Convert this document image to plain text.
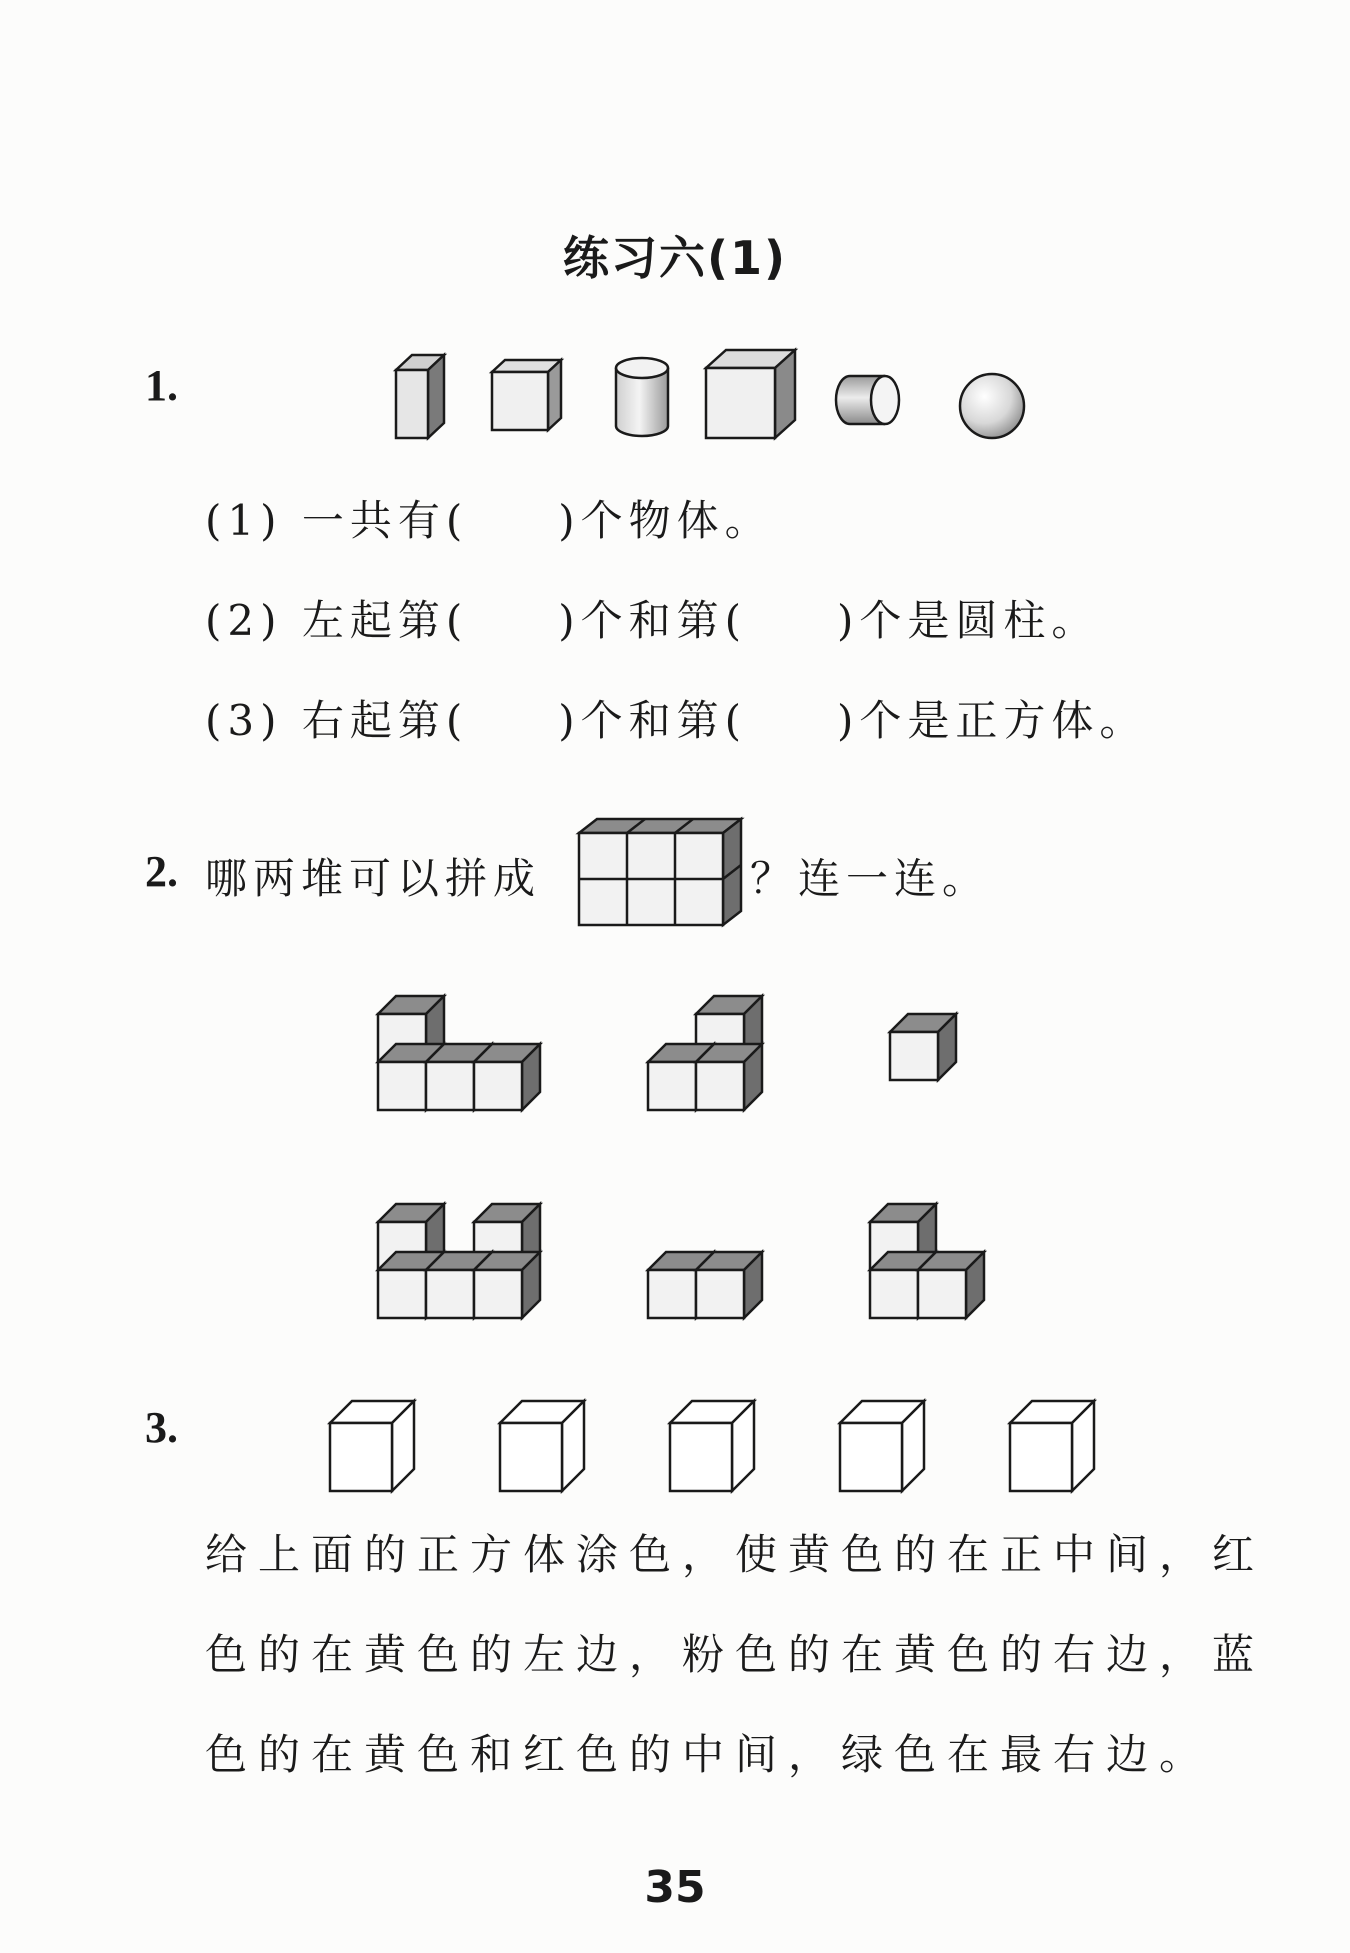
练习六(1)
1.
(1) 一共有( )个物体。
(2) 左起第( )个和第( )个是圆柱。
(3) 右起第( )个和第( )个是正方体。
2. 哪两堆可以拼成	？连一连。
3.
给上面的正方体涂色，使黄色的在正中间，红
色的在黄色的左边，粉色的在黄色的右边，蓝
色的在黄色和红色的中间，绿色在最右边。
35
